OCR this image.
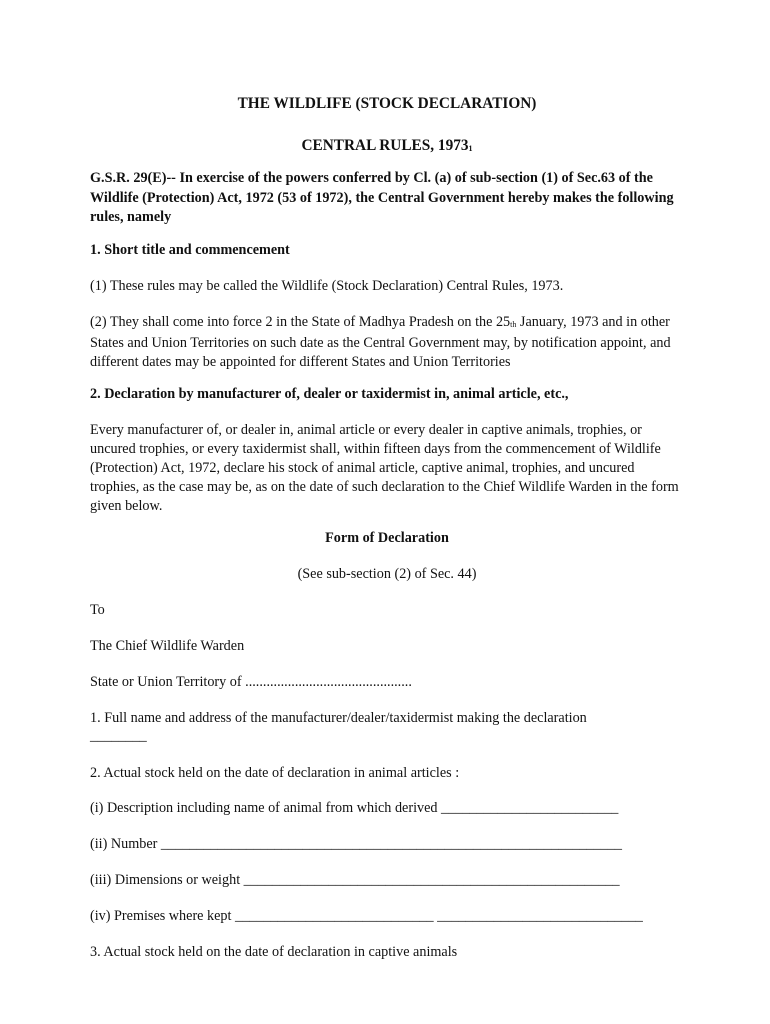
THE WILDLIFE (STOCK DECLARATION)
CENTRAL RULES, 19731
G.S.R. 29(E)-- In exercise of the powers conferred by Cl. (a) of sub-section (1) of Sec.63 of the Wildlife (Protection) Act, 1972 (53 of 1972), the Central Government hereby makes the following rules, namely
1. Short title and commencement
(1) These rules may be called the Wildlife (Stock Declaration) Central Rules, 1973.
(2) They shall come into force 2 in the State of Madhya Pradesh on the 25th January, 1973 and in other States and Union Territories on such date as the Central Government may, by notification appoint, and different dates may be appointed for different States and Union Territories
2. Declaration by manufacturer of, dealer or taxidermist in, animal article, etc.,
Every manufacturer of, or dealer in, animal article or every dealer in captive animals, trophies, or uncured trophies, or every taxidermist shall, within fifteen days from the commencement of Wildlife (Protection) Act, 1972, declare his stock of animal article, captive animal, trophies, and uncured trophies, as the case may be, as on the date of such declaration to the Chief Wildlife Warden in the form given below.
Form of Declaration
(See sub-section (2) of Sec. 44)
To
The Chief Wildlife Warden
State or Union Territory of ...............................................
1. Full name and address of the manufacturer/dealer/taxidermist making the declaration
________
2. Actual stock held on the date of declaration in animal articles :
(i) Description including name of animal from which derived _________________________
(ii) Number _________________________________________________________________
(iii) Dimensions or weight _____________________________________________________
(iv) Premises where kept ____________________________ _____________________________
3. Actual stock held on the date of declaration in captive animals
